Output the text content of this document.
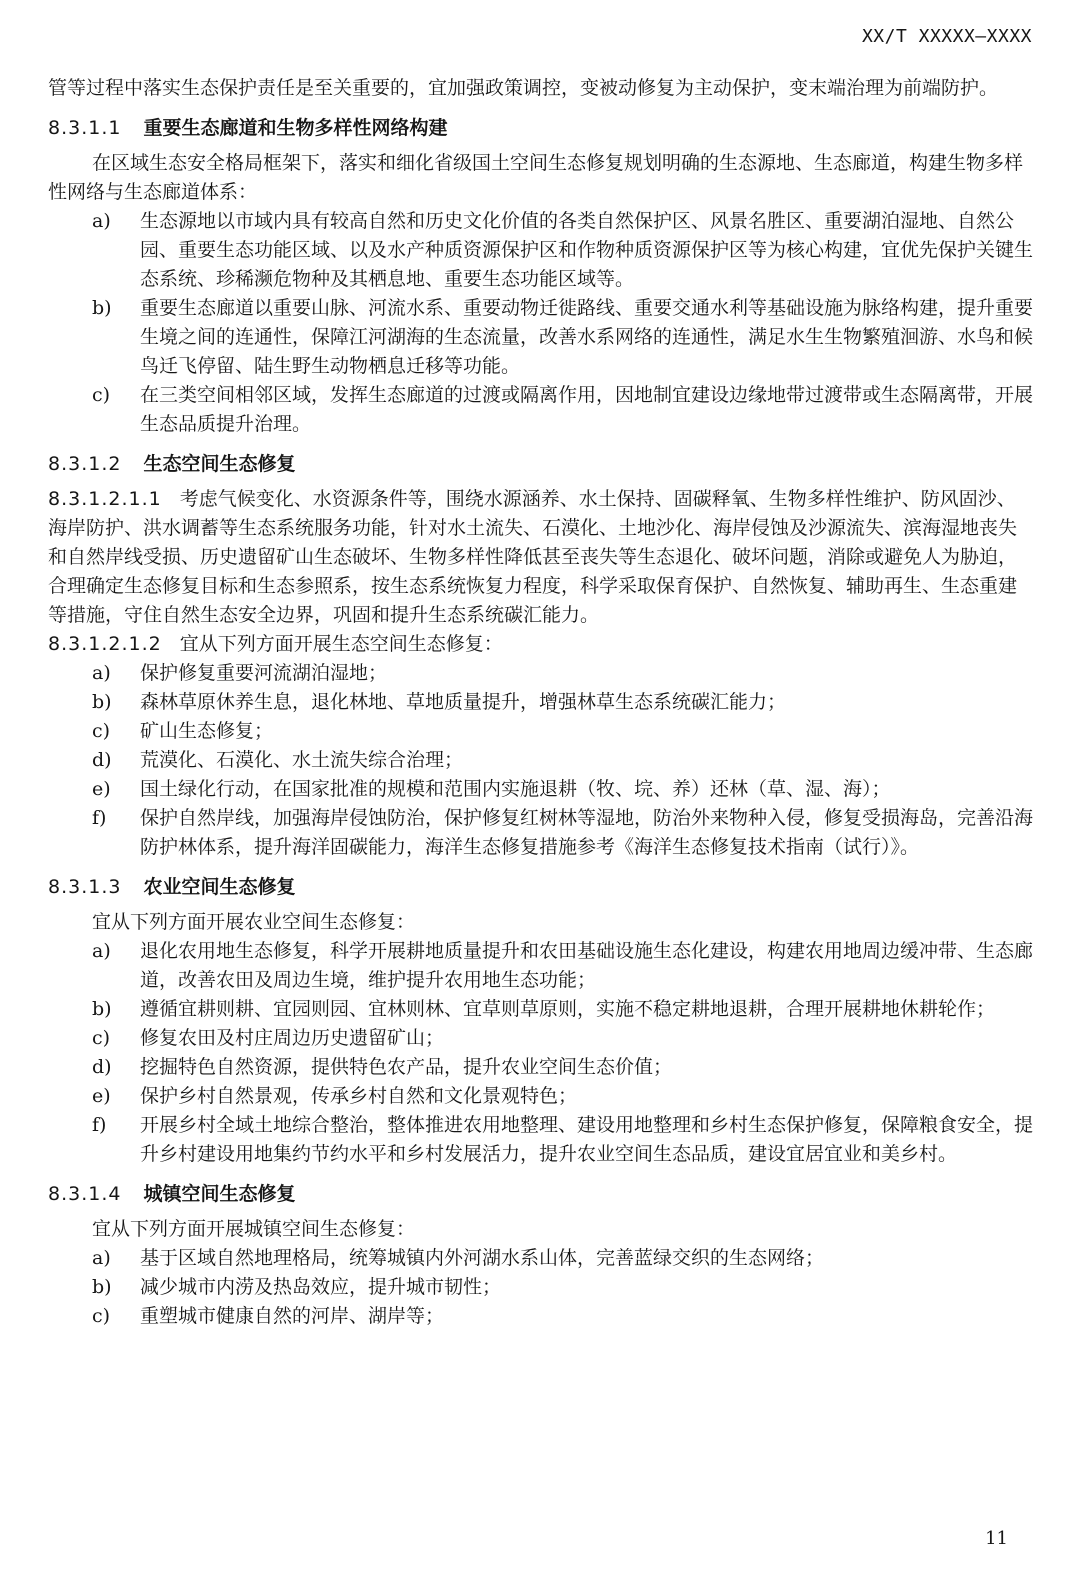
XX/T XXXXX—XXXX

管等过程中落实生态保护责任是至关重要的，宜加强政策调控，变被动修复为主动保护，变末端治理为前端防护。

8.3.1.1 重要生态廊道和生物多样性网络构建

在区域生态安全格局框架下，落实和细化省级国土空间生态修复规划明确的生态源地、生态廊道，构建生物多样性网络与生态廊道体系：

a) 生态源地以市域内具有较高自然和历史文化价值的各类自然保护区、风景名胜区、重要湖泊湿地、自然公园、重要生态功能区域、以及水产种质资源保护区和作物种质资源保护区等为核心构建，宜优先保护关键生态系统、珍稀濒危物种及其栖息地、重要生态功能区域等。
b) 重要生态廊道以重要山脉、河流水系、重要动物迁徙路线、重要交通水利等基础设施为脉络构建，提升重要生境之间的连通性，保障江河湖海的生态流量，改善水系网络的连通性，满足水生生物繁殖洄游、水鸟和候鸟迁飞停留、陆生野生动物栖息迁移等功能。
c) 在三类空间相邻区域，发挥生态廊道的过渡或隔离作用，因地制宜建设边缘地带过渡带或生态隔离带，开展生态品质提升治理。
8.3.1.2 生态空间生态修复

8.3.1.2.1.1 考虑气候变化、水资源条件等，围绕水源涵养、水土保持、固碳释氧、生物多样性维护、防风固沙、海岸防护、洪水调蓄等生态系统服务功能，针对水土流失、石漠化、土地沙化、海岸侵蚀及沙源流失、滨海湿地丧失和自然岸线受损、历史遗留矿山生态破坏、生物多样性降低甚至丧失等生态退化、破坏问题，消除或避免人为胁迫，合理确定生态修复目标和生态参照系，按生态系统恢复力程度，科学采取保育保护、自然恢复、辅助再生、生态重建等措施，守住自然生态安全边界，巩固和提升生态系统碳汇能力。

8.3.1.2.1.2 宜从下列方面开展生态空间生态修复：

a) 保护修复重要河流湖泊湿地；
b) 森林草原休养生息，退化林地、草地质量提升，增强林草生态系统碳汇能力；
c) 矿山生态修复；
d) 荒漠化、石漠化、水土流失综合治理；
e) 国土绿化行动，在国家批准的规模和范围内实施退耕（牧、垸、养）还林（草、湿、海）；
f) 保护自然岸线，加强海岸侵蚀防治，保护修复红树林等湿地，防治外来物种入侵，修复受损海岛，完善沿海防护林体系，提升海洋固碳能力，海洋生态修复措施参考《海洋生态修复技术指南（试行）》。
8.3.1.3 农业空间生态修复

宜从下列方面开展农业空间生态修复：

a) 退化农用地生态修复，科学开展耕地质量提升和农田基础设施生态化建设，构建农用地周边缓冲带、生态廊道，改善农田及周边生境，维护提升农用地生态功能；
b) 遵循宜耕则耕、宜园则园、宜林则林、宜草则草原则，实施不稳定耕地退耕，合理开展耕地休耕轮作；
c) 修复农田及村庄周边历史遗留矿山；
d) 挖掘特色自然资源，提供特色农产品，提升农业空间生态价值；
e) 保护乡村自然景观，传承乡村自然和文化景观特色；
f) 开展乡村全域土地综合整治，整体推进农用地整理、建设用地整理和乡村生态保护修复，保障粮食安全，提升乡村建设用地集约节约水平和乡村发展活力，提升农业空间生态品质，建设宜居宜业和美乡村。
8.3.1.4 城镇空间生态修复

宜从下列方面开展城镇空间生态修复：

a) 基于区域自然地理格局，统筹城镇内外河湖水系山体，完善蓝绿交织的生态网络；
b) 减少城市内涝及热岛效应，提升城市韧性；
c) 重塑城市健康自然的河岸、湖岸等；
11
